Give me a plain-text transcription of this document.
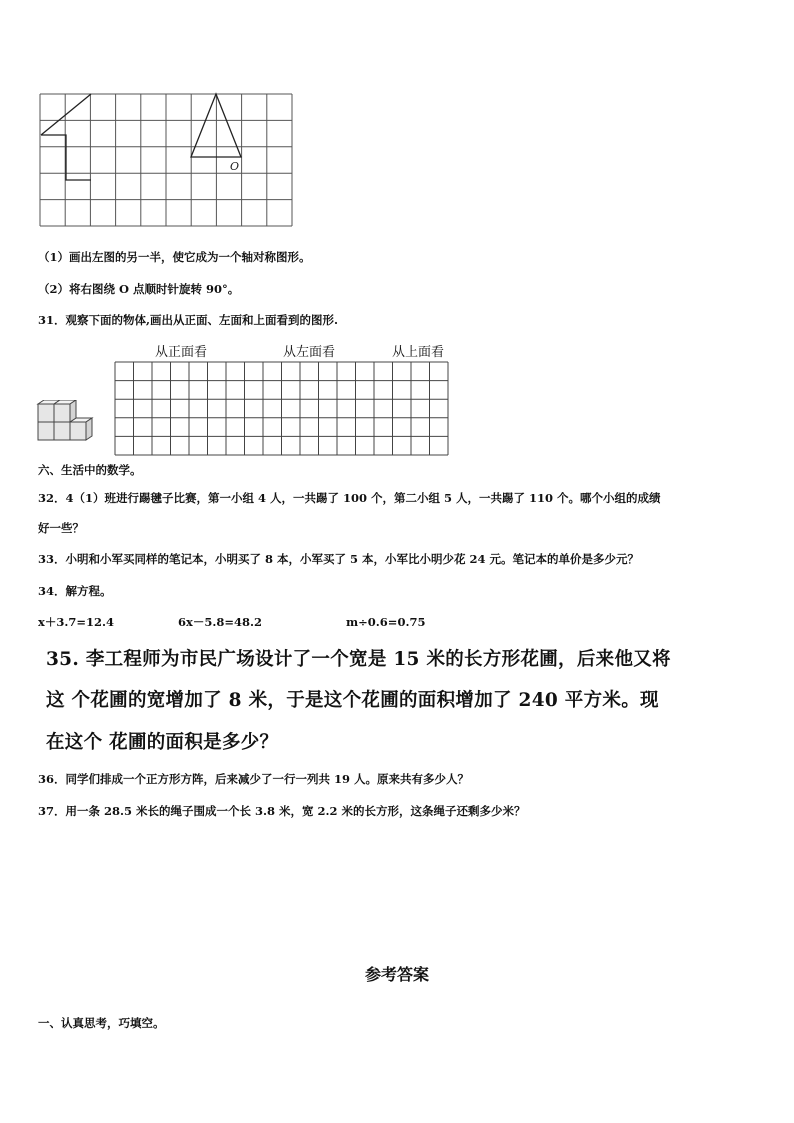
O
（1）画出左图的另一半，使它成为一个轴对称图形。
（2）将右图绕 O 点顺时针旋转 90°。
31．观察下面的物体,画出从正面、左面和上面看到的图形.
从正面看	从左面看	从上面看
六、生活中的数学。
32．4（1）班进行踢毽子比赛，第一小组 4 人，一共踢了 100 个，第二小组 5 人，一共踢了 110 个。哪个小组的成绩
好一些？
33．小明和小军买同样的笔记本，小明买了 8 本，小军买了 5 本，小军比小明少花 24 元。笔记本的单价是多少元？
34．解方程。
x＋3.7=12.4	6x－5.8=48.2	m÷0.6=0.75
35. 李工程师为市民广场设计了一个宽是 15 米的长方形花圃，后来他又将
这 个花圃的宽增加了 8 米，于是这个花圃的面积增加了 240 平方米。现
在这个 花圃的面积是多少？
36．同学们排成一个正方形方阵，后来减少了一行一列共 19 人。原来共有多少人？
37．用一条 28.5 米长的绳子围成一个长 3.8 米，宽 2.2 米的长方形，这条绳子还剩多少米？
参考答案
一、认真思考，巧填空。
